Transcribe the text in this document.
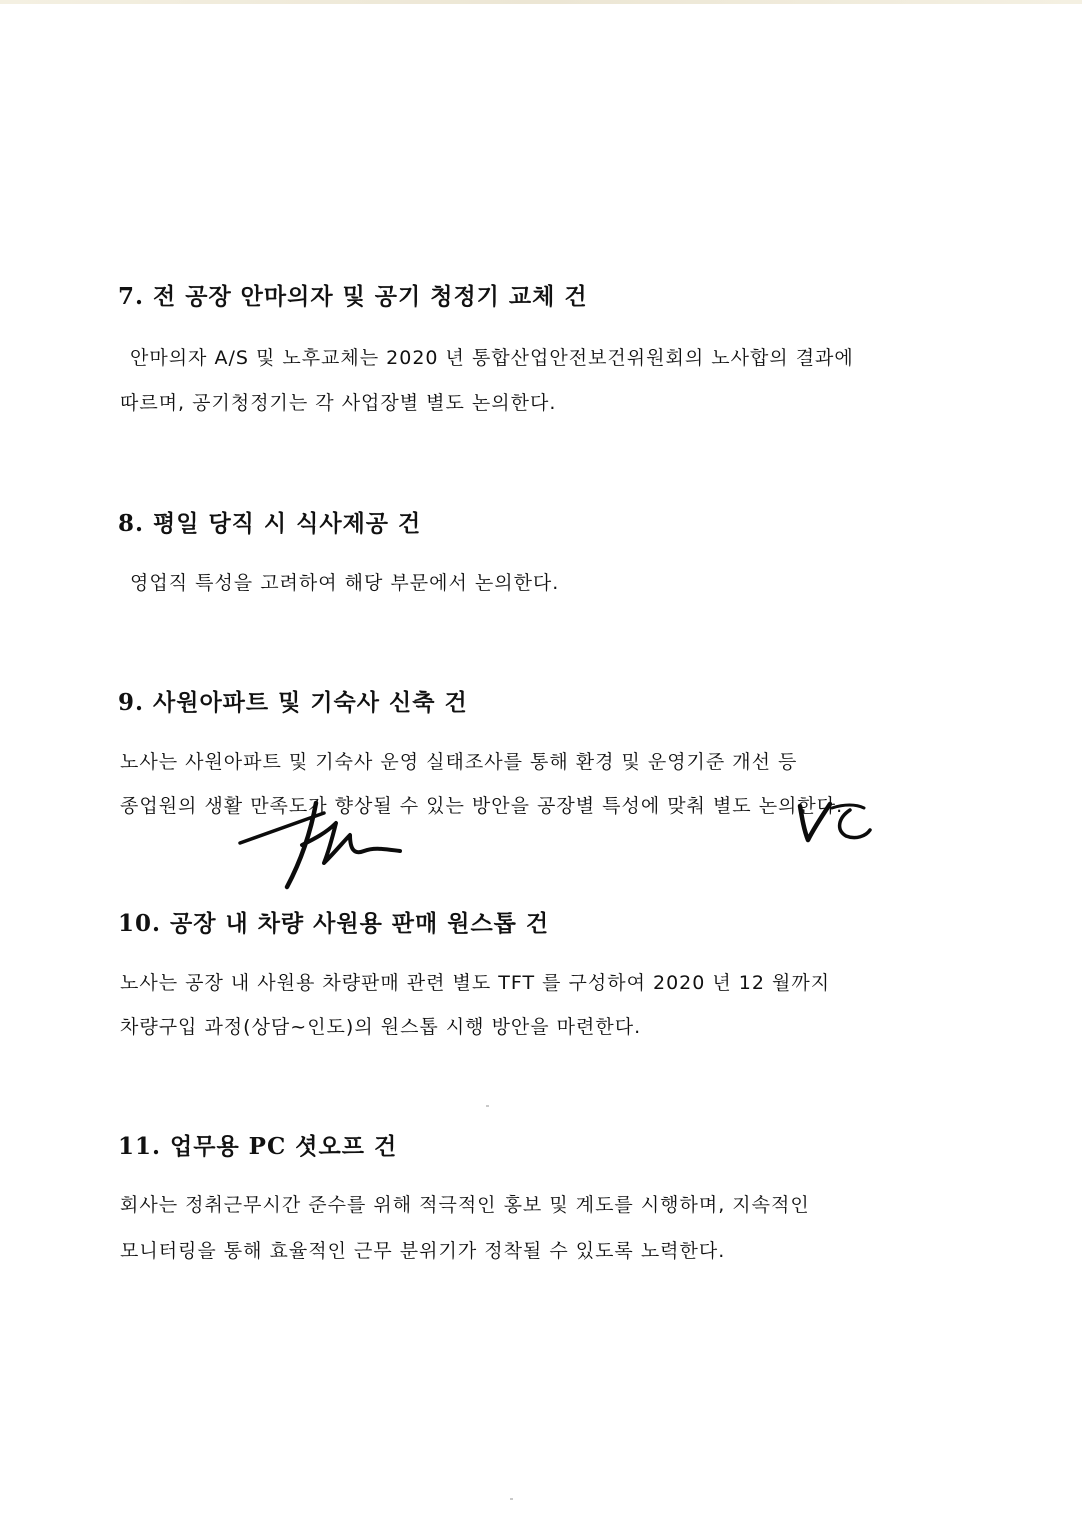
7. 전 공장 안마의자 및 공기 청정기 교체 건

안마의자 A/S 및 노후교체는 2020 년 통합산업안전보건위원회의 노사합의 결과에

따르며, 공기청정기는 각 사업장별 별도 논의한다.

8. 평일 당직 시 식사제공 건

영업직 특성을 고려하여 해당 부문에서 논의한다.

9. 사원아파트 및 기숙사 신축 건

노사는 사원아파트 및 기숙사 운영 실태조사를 통해 환경 및 운영기준 개선 등

종업원의 생활 만족도가 향상될 수 있는 방안을 공장별 특성에 맞춰 별도 논의한다.

10. 공장 내 차량 사원용 판매 원스톱 건

노사는 공장 내 사원용 차량판매 관련 별도 TFT 를 구성하여 2020 년 12 월까지

차량구입 과정(상담~인도)의 원스톱 시행 방안을 마련한다.

11. 업무용 PC 셧오프 건

회사는 정취근무시간 준수를 위해 적극적인 홍보 및 계도를 시행하며, 지속적인

모니터링을 통해 효율적인 근무 분위기가 정착될 수 있도록 노력한다.
